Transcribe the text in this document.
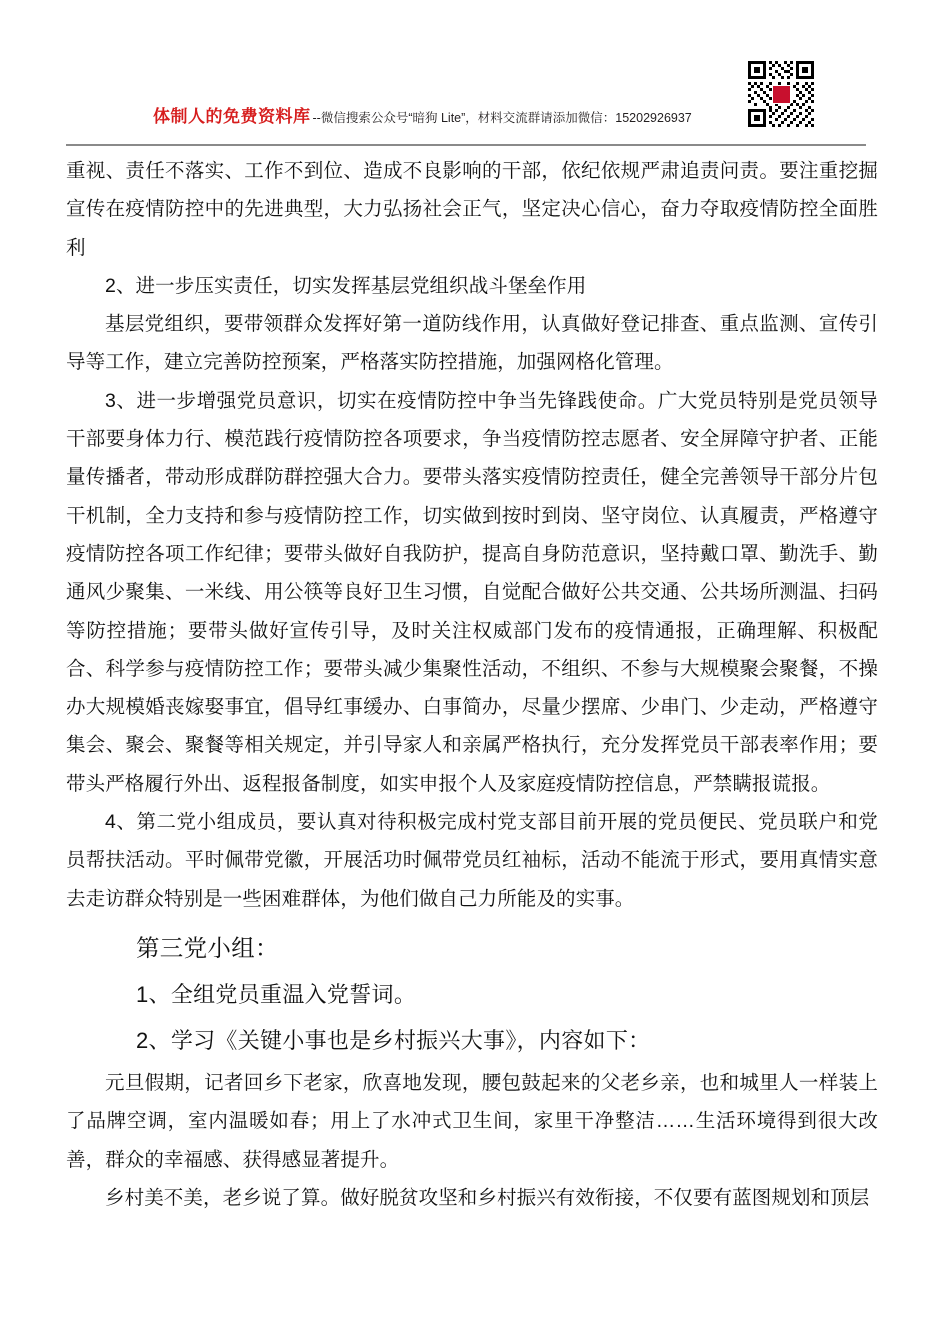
体制人的免费资料库 --微信搜索公众号“暗狗 Lite”，材料交流群请添加微信：15202926937

重视、责任不落实、工作不到位、造成不良影响的干部，依纪依规严肃追责问责。要注重挖掘宣传在疫情防控中的先进典型，大力弘扬社会正气，坚定决心信心，奋力夺取疫情防控全面胜利

2、进一步压实责任，切实发挥基层党组织战斗堡垒作用

基层党组织，要带领群众发挥好第一道防线作用，认真做好登记排查、重点监测、宣传引导等工作，建立完善防控预案，严格落实防控措施，加强网格化管理。

3、进一步增强党员意识，切实在疫情防控中争当先锋践使命。广大党员特别是党员领导干部要身体力行、模范践行疫情防控各项要求，争当疫情防控志愿者、安全屏障守护者、正能量传播者，带动形成群防群控强大合力。要带头落实疫情防控责任，健全完善领导干部分片包干机制，全力支持和参与疫情防控工作，切实做到按时到岗、坚守岗位、认真履责，严格遵守疫情防控各项工作纪律；要带头做好自我防护，提高自身防范意识，坚持戴口罩、勤洗手、勤通风少聚集、一米线、用公筷等良好卫生习惯，自觉配合做好公共交通、公共场所测温、扫码等防控措施；要带头做好宣传引导，及时关注权威部门发布的疫情通报，正确理解、积极配合、科学参与疫情防控工作；要带头减少集聚性活动，不组织、不参与大规模聚会聚餐，不操办大规模婚丧嫁娶事宜，倡导红事缓办、白事简办，尽量少摆席、少串门、少走动，严格遵守集会、聚会、聚餐等相关规定，并引导家人和亲属严格执行，充分发挥党员干部表率作用；要带头严格履行外出、返程报备制度，如实申报个人及家庭疫情防控信息，严禁瞒报谎报。

4、第二党小组成员，要认真对待积极完成村党支部目前开展的党员便民、党员联户和党员帮扶活动。平时佩带党徽，开展活功时佩带党员红袖标，活动不能流于形式，要用真情实意去走访群众特别是一些困难群体，为他们做自己力所能及的实事。

第三党小组：
1、全组党员重温入党誓词。
2、学习《关键小事也是乡村振兴大事》，内容如下：

元旦假期，记者回乡下老家，欣喜地发现，腰包鼓起来的父老乡亲，也和城里人一样装上了品牌空调，室内温暖如春；用上了水冲式卫生间，家里干净整洁……生活环境得到很大改善，群众的幸福感、获得感显著提升。

乡村美不美，老乡说了算。做好脱贫攻坚和乡村振兴有效衔接，不仅要有蓝图规划和顶层
